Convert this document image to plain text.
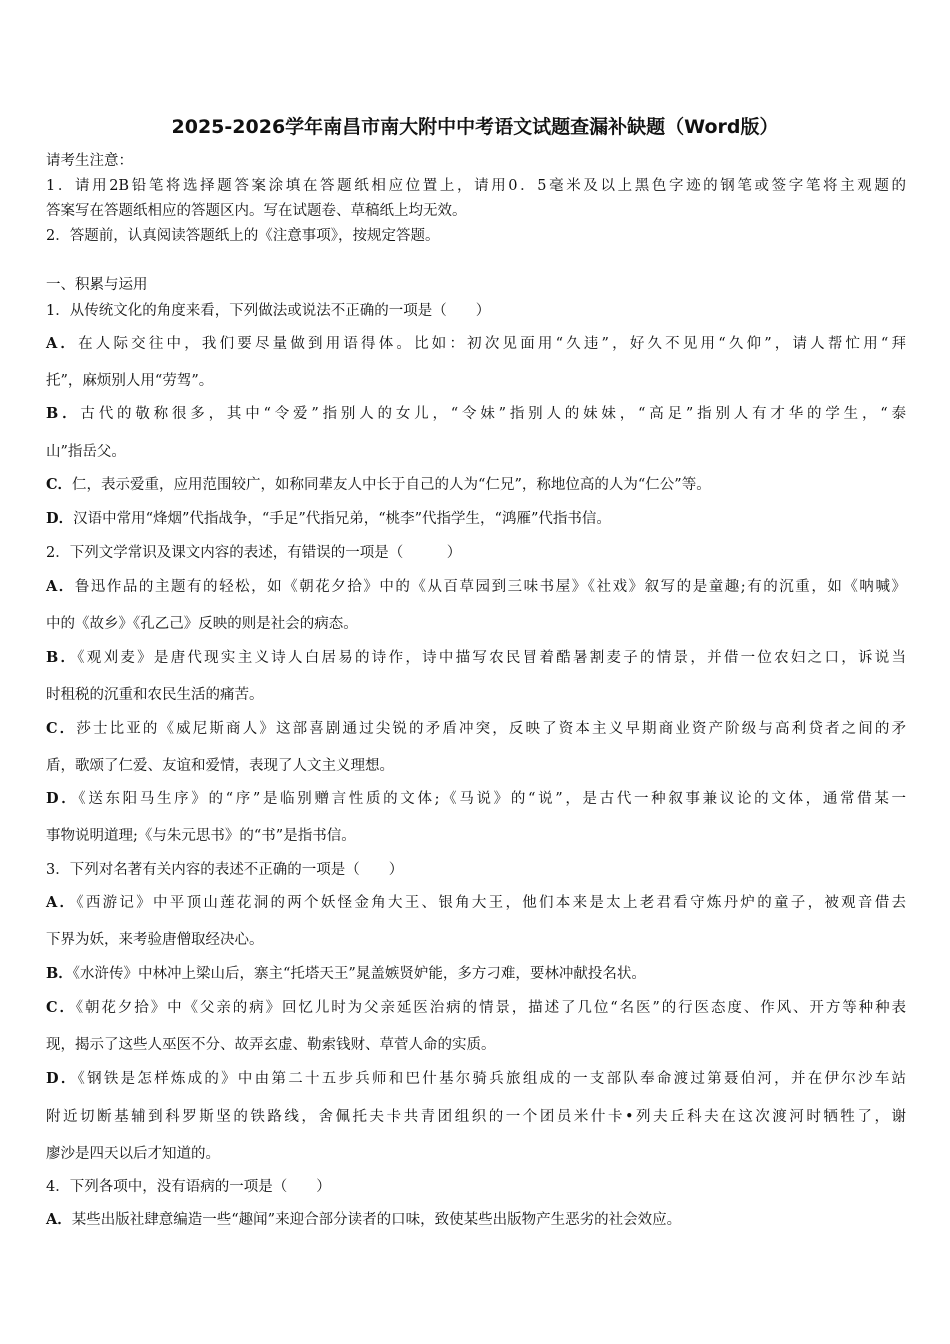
2025-2026学年南昌市南大附中中考语文试题查漏补缺题（Word版）
请考生注意：
1．请用2B铅笔将选择题答案涂填在答题纸相应位置上，请用0．5毫米及以上黑色字迹的钢笔或签字笔将主观题的
答案写在答题纸相应的答题区内。写在试题卷、草稿纸上均无效。
2．答题前，认真阅读答题纸上的《注意事项》，按规定答题。
一、积累与运用
1．从传统文化的角度来看，下列做法或说法不正确的一项是（　　）
A．在人际交往中，我们要尽量做到用语得体。比如：初次见面用“久违”，好久不见用“久仰”，请人帮忙用“拜
托”，麻烦别人用“劳驾”。
B．古代的敬称很多，其中“令爱”指别人的女儿，“令妹”指别人的妹妹，“高足”指别人有才华的学生，“泰
山”指岳父。
C．仁，表示爱重，应用范围较广，如称同辈友人中长于自己的人为“仁兄”，称地位高的人为“仁公”等。
D．汉语中常用“烽烟”代指战争，“手足”代指兄弟，“桃李”代指学生，“鸿雁”代指书信。
2．下列文学常识及课文内容的表述，有错误的一项是（　　　）
A．鲁迅作品的主题有的轻松，如《朝花夕拾》中的《从百草园到三味书屋》《社戏》叙写的是童趣;有的沉重，如《呐喊》
中的《故乡》《孔乙己》反映的则是社会的病态。
B．《观刈麦》是唐代现实主义诗人白居易的诗作，诗中描写农民冒着酷暑割麦子的情景，并借一位农妇之口，诉说当
时租税的沉重和农民生活的痛苦。
C．莎士比亚的《威尼斯商人》这部喜剧通过尖锐的矛盾冲突，反映了资本主义早期商业资产阶级与高利贷者之间的矛
盾，歌颂了仁爱、友谊和爱情，表现了人文主义理想。
D．《送东阳马生序》的“序”是临别赠言性质的文体;《马说》的“说”，是古代一种叙事兼议论的文体，通常借某一
事物说明道理;《与朱元思书》的“书”是指书信。
3．下列对名著有关内容的表述不正确的一项是（　　）
A．《西游记》中平顶山莲花洞的两个妖怪金角大王、银角大王，他们本来是太上老君看守炼丹炉的童子，被观音借去
下界为妖，来考验唐僧取经决心。
B．《水浒传》中林冲上梁山后，寨主“托塔天王”晁盖嫉贤妒能，多方刁难，要林冲献投名状。
C．《朝花夕拾》中《父亲的病》回忆儿时为父亲延医治病的情景，描述了几位“名医”的行医态度、作风、开方等种种表
现，揭示了这些人巫医不分、故弄玄虚、勒索钱财、草菅人命的实质。
D．《钢铁是怎样炼成的》中由第二十五步兵师和巴什基尔骑兵旅组成的一支部队奉命渡过第聂伯河，并在伊尔沙车站
附近切断基辅到科罗斯坚的铁路线，舍佩托夫卡共青团组织的一个团员米什卡•列夫丘科夫在这次渡河时牺牲了，谢
廖沙是四天以后才知道的。
4．下列各项中，没有语病的一项是（　　）
A．某些出版社肆意编造一些“趣闻”来迎合部分读者的口味，致使某些出版物产生恶劣的社会效应。
